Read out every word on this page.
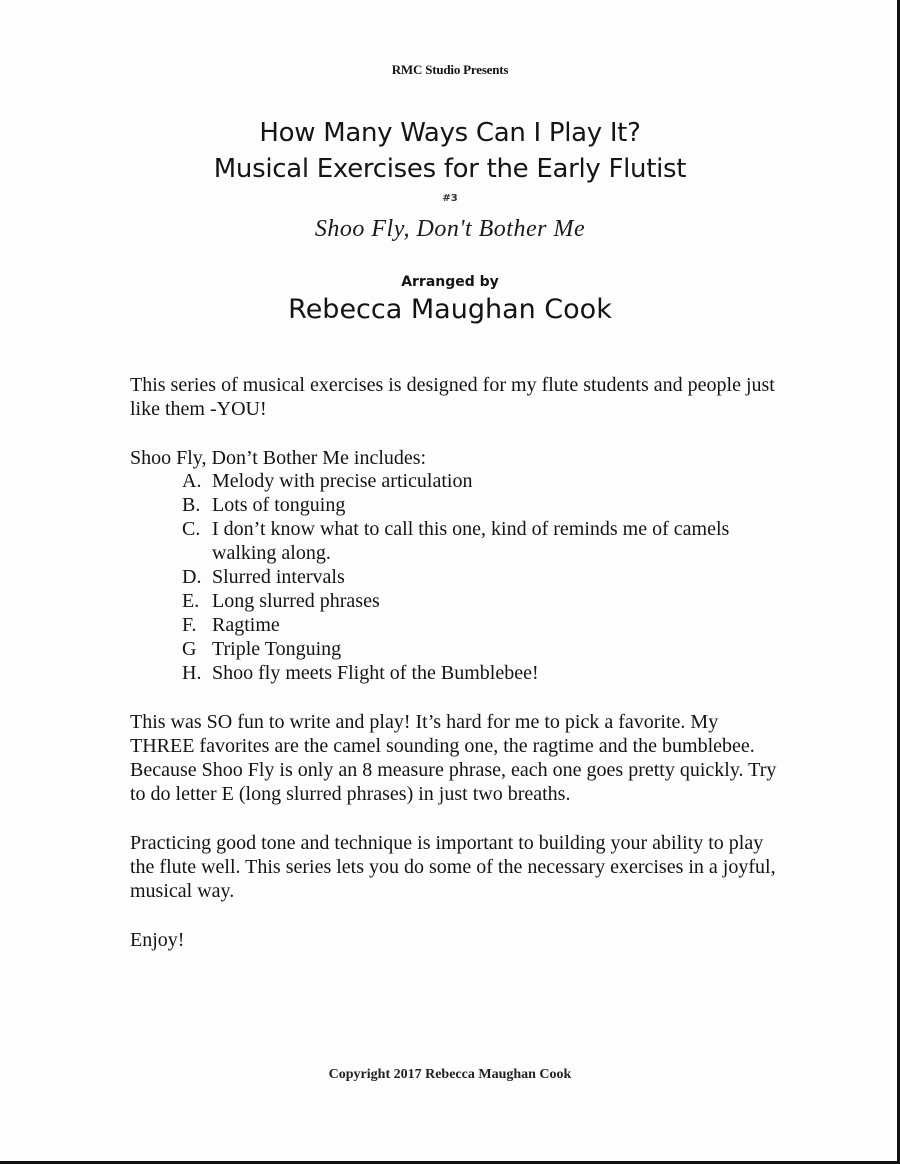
RMC Studio Presents
How Many Ways Can I Play It?
Musical Exercises for the Early Flutist
#3
Shoo Fly, Don't Bother Me
Arranged by
Rebecca Maughan Cook
This series of musical exercises is designed for my flute students and people just like them -YOU!
Shoo Fly, Don’t Bother Me includes:
A. Melody with precise articulation
B. Lots of tonguing
C. I don’t know what to call this one, kind of reminds me of camels walking along.
D. Slurred intervals
E. Long slurred phrases
F. Ragtime
G Triple Tonguing
H. Shoo fly meets Flight of the Bumblebee!
This was SO fun to write and play! It’s hard for me to pick a favorite. My THREE favorites are the camel sounding one, the ragtime and the bumblebee. Because Shoo Fly is only an 8 measure phrase, each one goes pretty quickly. Try to do letter E (long slurred phrases) in just two breaths.
Practicing good tone and technique is important to building your ability to play the flute well. This series lets you do some of the necessary exercises in a joyful, musical way.
Enjoy!
Copyright 2017 Rebecca Maughan Cook
